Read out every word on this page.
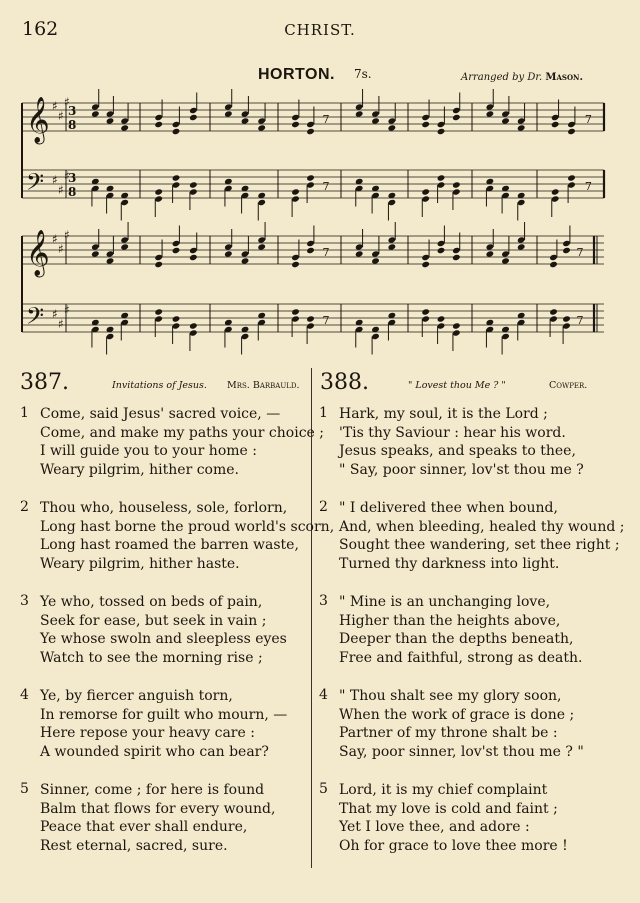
162	CHRIST.
HORTON. 7s.	Arranged by Dr. Mason.
𝄞 ♯
♯
♯
3
8
𝄢 ♯
♯
♯
3
8
𝄞 ♯
♯
♯
𝄢 ♯
♯
♯
7	7
7	7
7	7
7	7
387.	Invitations of Jesus. Mrs. Barbauld. 388.	" Lovest thou Me ? "	Cowper.
1 Come, said Jesus' sacred voice, —
Come, and make my paths your choice ;
I will guide you to your home :
Weary pilgrim, hither come.
2 Thou who, houseless, sole, forlorn,
Long hast borne the proud world's scorn,
Long hast roamed the barren waste,
Weary pilgrim, hither haste.
3 Ye who, tossed on beds of pain,
Seek for ease, but seek in vain ;
Ye whose swoln and sleepless eyes
Watch to see the morning rise ;
4 Ye, by fiercer anguish torn,
In remorse for guilt who mourn, —
Here repose your heavy care :
A wounded spirit who can bear?
5 Sinner, come ; for here is found
Balm that flows for every wound,
Peace that ever shall endure,
Rest eternal, sacred, sure.
1 Hark, my soul, it is the Lord ;
'Tis thy Saviour : hear his word.
Jesus speaks, and speaks to thee,
" Say, poor sinner, lov'st thou me ?
2 " I delivered thee when bound,
And, when bleeding, healed thy wound ;
Sought thee wandering, set thee right ;
Turned thy darkness into light.
3 " Mine is an unchanging love,
Higher than the heights above,
Deeper than the depths beneath,
Free and faithful, strong as death.
4 " Thou shalt see my glory soon,
When the work of grace is done ;
Partner of my throne shalt be :
Say, poor sinner, lov'st thou me ? "
5 Lord, it is my chief complaint
That my love is cold and faint ;
Yet I love thee, and adore :
Oh for grace to love thee more !
